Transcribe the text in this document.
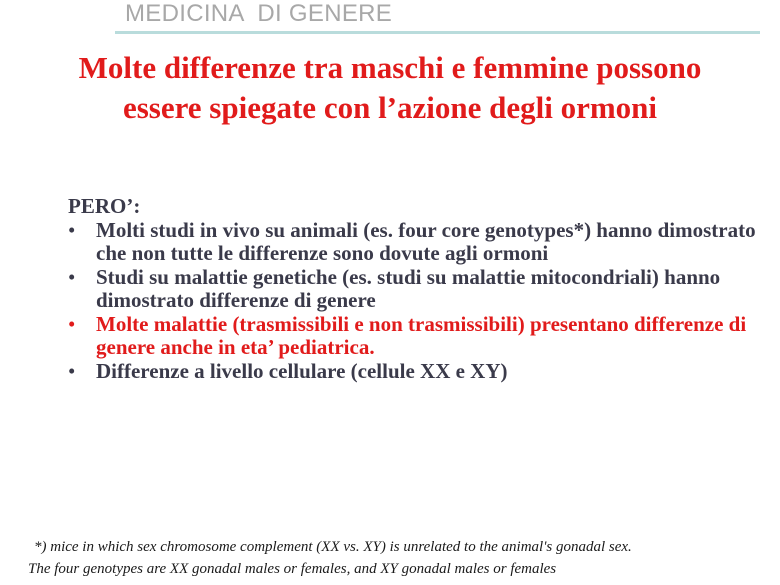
MEDICINA  DI GENERE
Molte differenze tra maschi e femmine possono essere spiegate con l’azione degli ormoni

PERO’:

• Molti studi in vivo su animali (es. four core genotypes*) hanno dimostrato che non tutte le differenze sono dovute agli ormoni
• Studi su malattie genetiche (es. studi su malattie mitocondriali) hanno dimostrato differenze di genere
• Molte malattie (trasmissibili e non trasmissibili) presentano differenze di genere anche in eta’ pediatrica.
• Differenze a livello cellulare (cellule XX e XY)
*) mice in which sex chromosome complement (XX vs. XY) is unrelated to the animal's gonadal sex.
The four genotypes are XX gonadal males or females, and XY gonadal males or females
